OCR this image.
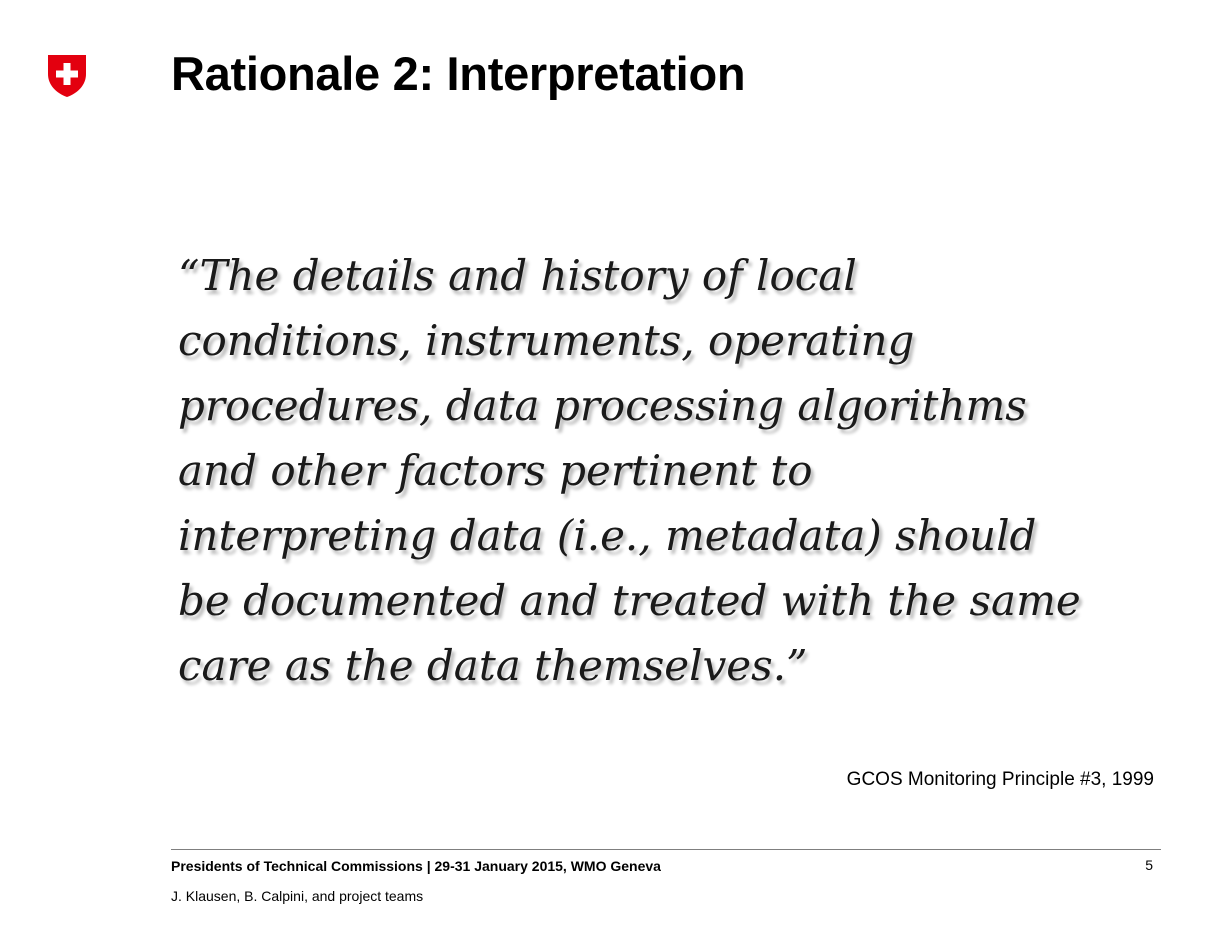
Rationale 2: Interpretation
“The details and history of local
conditions, instruments, operating
procedures, data processing algorithms
and other factors pertinent to
interpreting data (i.e., metadata) should
be documented and treated with the same
care as the data themselves.”
GCOS Monitoring Principle #3, 1999
Presidents of Technical Commissions | 29-31 January 2015, WMO Geneva
J. Klausen, B. Calpini, and project teams
5
